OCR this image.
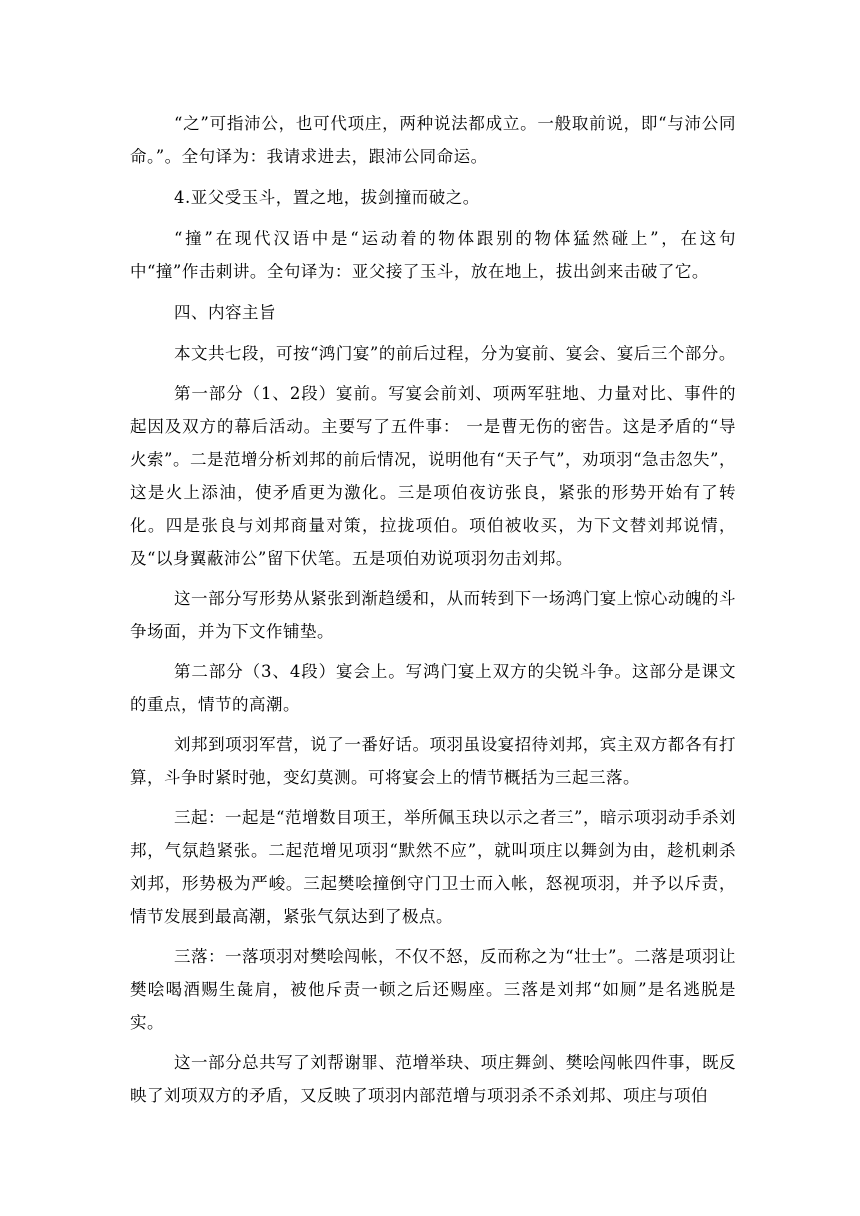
“之”可指沛公，也可代项庄，两种说法都成立。一般取前说，即“与沛公同命。”。全句译为：我请求进去，跟沛公同命运。

4.亚父受玉斗，置之地，拔剑撞而破之。

“撞”在现代汉语中是“运动着的物体跟别的物体猛然碰上”，在这句中“撞”作击刺讲。全句译为：亚父接了玉斗，放在地上，拔出剑来击破了它。

四、内容主旨

本文共七段，可按“鸿门宴”的前后过程，分为宴前、宴会、宴后三个部分。

第一部分（1、2段）宴前。写宴会前刘、项两军驻地、力量对比、事件的起因及双方的幕后活动。主要写了五件事： 一是曹无伤的密告。这是矛盾的“导火索”。二是范增分析刘邦的前后情况，说明他有“天子气”，劝项羽“急击忽失”，这是火上添油，使矛盾更为激化。三是项伯夜访张良，紧张的形势开始有了转化。四是张良与刘邦商量对策，拉拢项伯。项伯被收买，为下文替刘邦说情，及“以身翼蔽沛公”留下伏笔。五是项伯劝说项羽勿击刘邦。

这一部分写形势从紧张到渐趋缓和，从而转到下一场鸿门宴上惊心动魄的斗争场面，并为下文作铺垫。

第二部分（3、4段）宴会上。写鸿门宴上双方的尖锐斗争。这部分是课文的重点，情节的高潮。

刘邦到项羽军营，说了一番好话。项羽虽设宴招待刘邦，宾主双方都各有打算，斗争时紧时弛，变幻莫测。可将宴会上的情节概括为三起三落。

三起：一起是“范增数目项王，举所佩玉玦以示之者三”，暗示项羽动手杀刘邦，气氛趋紧张。二起范增见项羽“默然不应”，就叫项庄以舞剑为由，趁机刺杀刘邦，形势极为严峻。三起樊哙撞倒守门卫士而入帐，怒视项羽，并予以斥责，情节发展到最高潮，紧张气氛达到了极点。

三落：一落项羽对樊哙闯帐，不仅不怒，反而称之为“壮士”。二落是项羽让樊哙喝酒赐生彘肩，被他斥责一顿之后还赐座。三落是刘邦“如厕”是名逃脱是实。

这一部分总共写了刘帮谢罪、范增举玦、项庄舞剑、樊哙闯帐四件事，既反映了刘项双方的矛盾，又反映了项羽内部范增与项羽杀不杀刘邦、项庄与项伯
